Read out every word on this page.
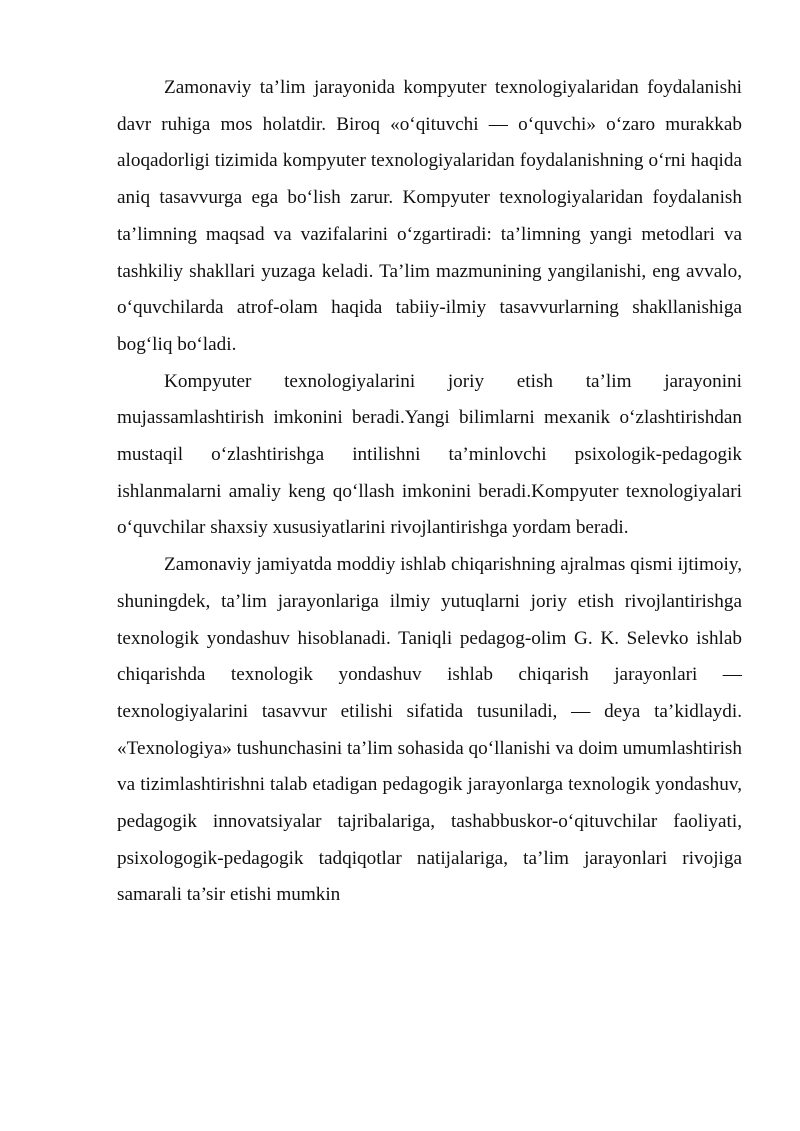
Zamonaviy ta’lim jarayonida kompyuter texnologiyalaridan foydalanishi davr ruhiga mos holatdir. Biroq «o‘qituvchi — o‘quvchi» o‘zaro murakkab aloqadorligi tizimida kompyuter texnologiyalaridan foydalanishning o‘rni haqida aniq tasavvurga ega bo‘lish zarur. Kompyuter texnologiyalaridan foydalanish ta’limning maqsad va vazifalarini o‘zgartiradi: ta’limning yangi metodlari va tashkiliy shakllari yuzaga keladi. Ta’lim mazmunining yangilanishi, eng avvalo, o‘quvchilarda atrof-olam haqida tabiiy-ilmiy tasavvurlarning shakllanishiga bog‘liq bo‘ladi.

Kompyuter texnologiyalarini joriy etish ta’lim jarayonini mujassamlashtirish imkonini beradi.Yangi bilimlarni mexanik o‘zlashtirishdan mustaqil o‘zlashtirishga intilishni ta’minlovchi psixologik-pedagogik ishlanmalarni amaliy keng qo‘llash imkonini beradi.Kompyuter texnologiyalari o‘quvchilar shaxsiy xususiyatlarini rivojlantirishga yordam beradi.

Zamonaviy jamiyatda moddiy ishlab chiqarishning ajralmas qismi ijtimoiy, shuningdek, ta’lim jarayonlariga ilmiy yutuqlarni joriy etish rivojlantirishga texnologik yondashuv hisoblanadi. Taniqli pedagog-olim G. K. Selevko ishlab chiqarishda texnologik yondashuv ishlab chiqarish jarayonlari — texnologiyalarini tasavvur etilishi sifatida tusuniladi, — deya ta’kidlaydi. «Texnologiya» tushunchasini ta’lim sohasida qo‘llanishi va doim umumlashtirish va tizimlashtirishni talab etadigan pedagogik jarayonlarga texnologik yondashuv, pedagogik innovatsiyalar tajribalariga, tashabbuskor-o‘qituvchilar faoliyati, psixologogik-pedagogik tadqiqotlar natijalariga, ta’lim jarayonlari rivojiga samarali ta’sir etishi mumkin
